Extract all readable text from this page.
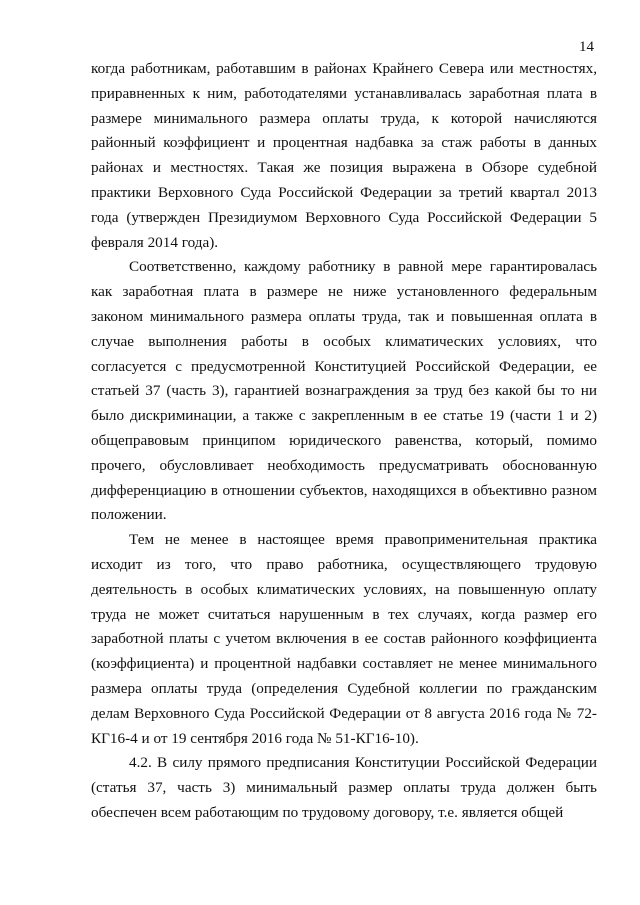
14

когда работникам, работавшим в районах Крайнего Севера или местностях, приравненных к ним, работодателями устанавливалась заработная плата в размере минимального размера оплаты труда, к которой начисляются районный коэффициент и процентная надбавка за стаж работы в данных районах и местностях. Такая же позиция выражена в Обзоре судебной практики Верховного Суда Российской Федерации за третий квартал 2013 года (утвержден Президиумом Верховного Суда Российской Федерации 5 февраля 2014 года).

Соответственно, каждому работнику в равной мере гарантировалась как заработная плата в размере не ниже установленного федеральным законом минимального размера оплаты труда, так и повышенная оплата в случае выполнения работы в особых климатических условиях, что согласуется с предусмотренной Конституцией Российской Федерации, ее статьей 37 (часть 3), гарантией вознаграждения за труд без какой бы то ни было дискриминации, а также с закрепленным в ее статье 19 (части 1 и 2) общеправовым принципом юридического равенства, который, помимо прочего, обусловливает необходимость предусматривать обоснованную дифференциацию в отношении субъектов, находящихся в объективно разном положении.

Тем не менее в настоящее время правоприменительная практика исходит из того, что право работника, осуществляющего трудовую деятельность в особых климатических условиях, на повышенную оплату труда не может считаться нарушенным в тех случаях, когда размер его заработной платы с учетом включения в ее состав районного коэффициента (коэффициента) и процентной надбавки составляет не менее минимального размера оплаты труда (определения Судебной коллегии по гражданским делам Верховного Суда Российской Федерации от 8 августа 2016 года № 72-КГ16-4 и от 19 сентября 2016 года № 51-КГ16-10).

4.2. В силу прямого предписания Конституции Российской Федерации (статья 37, часть 3) минимальный размер оплаты труда должен быть обеспечен всем работающим по трудовому договору, т.е. является общей
